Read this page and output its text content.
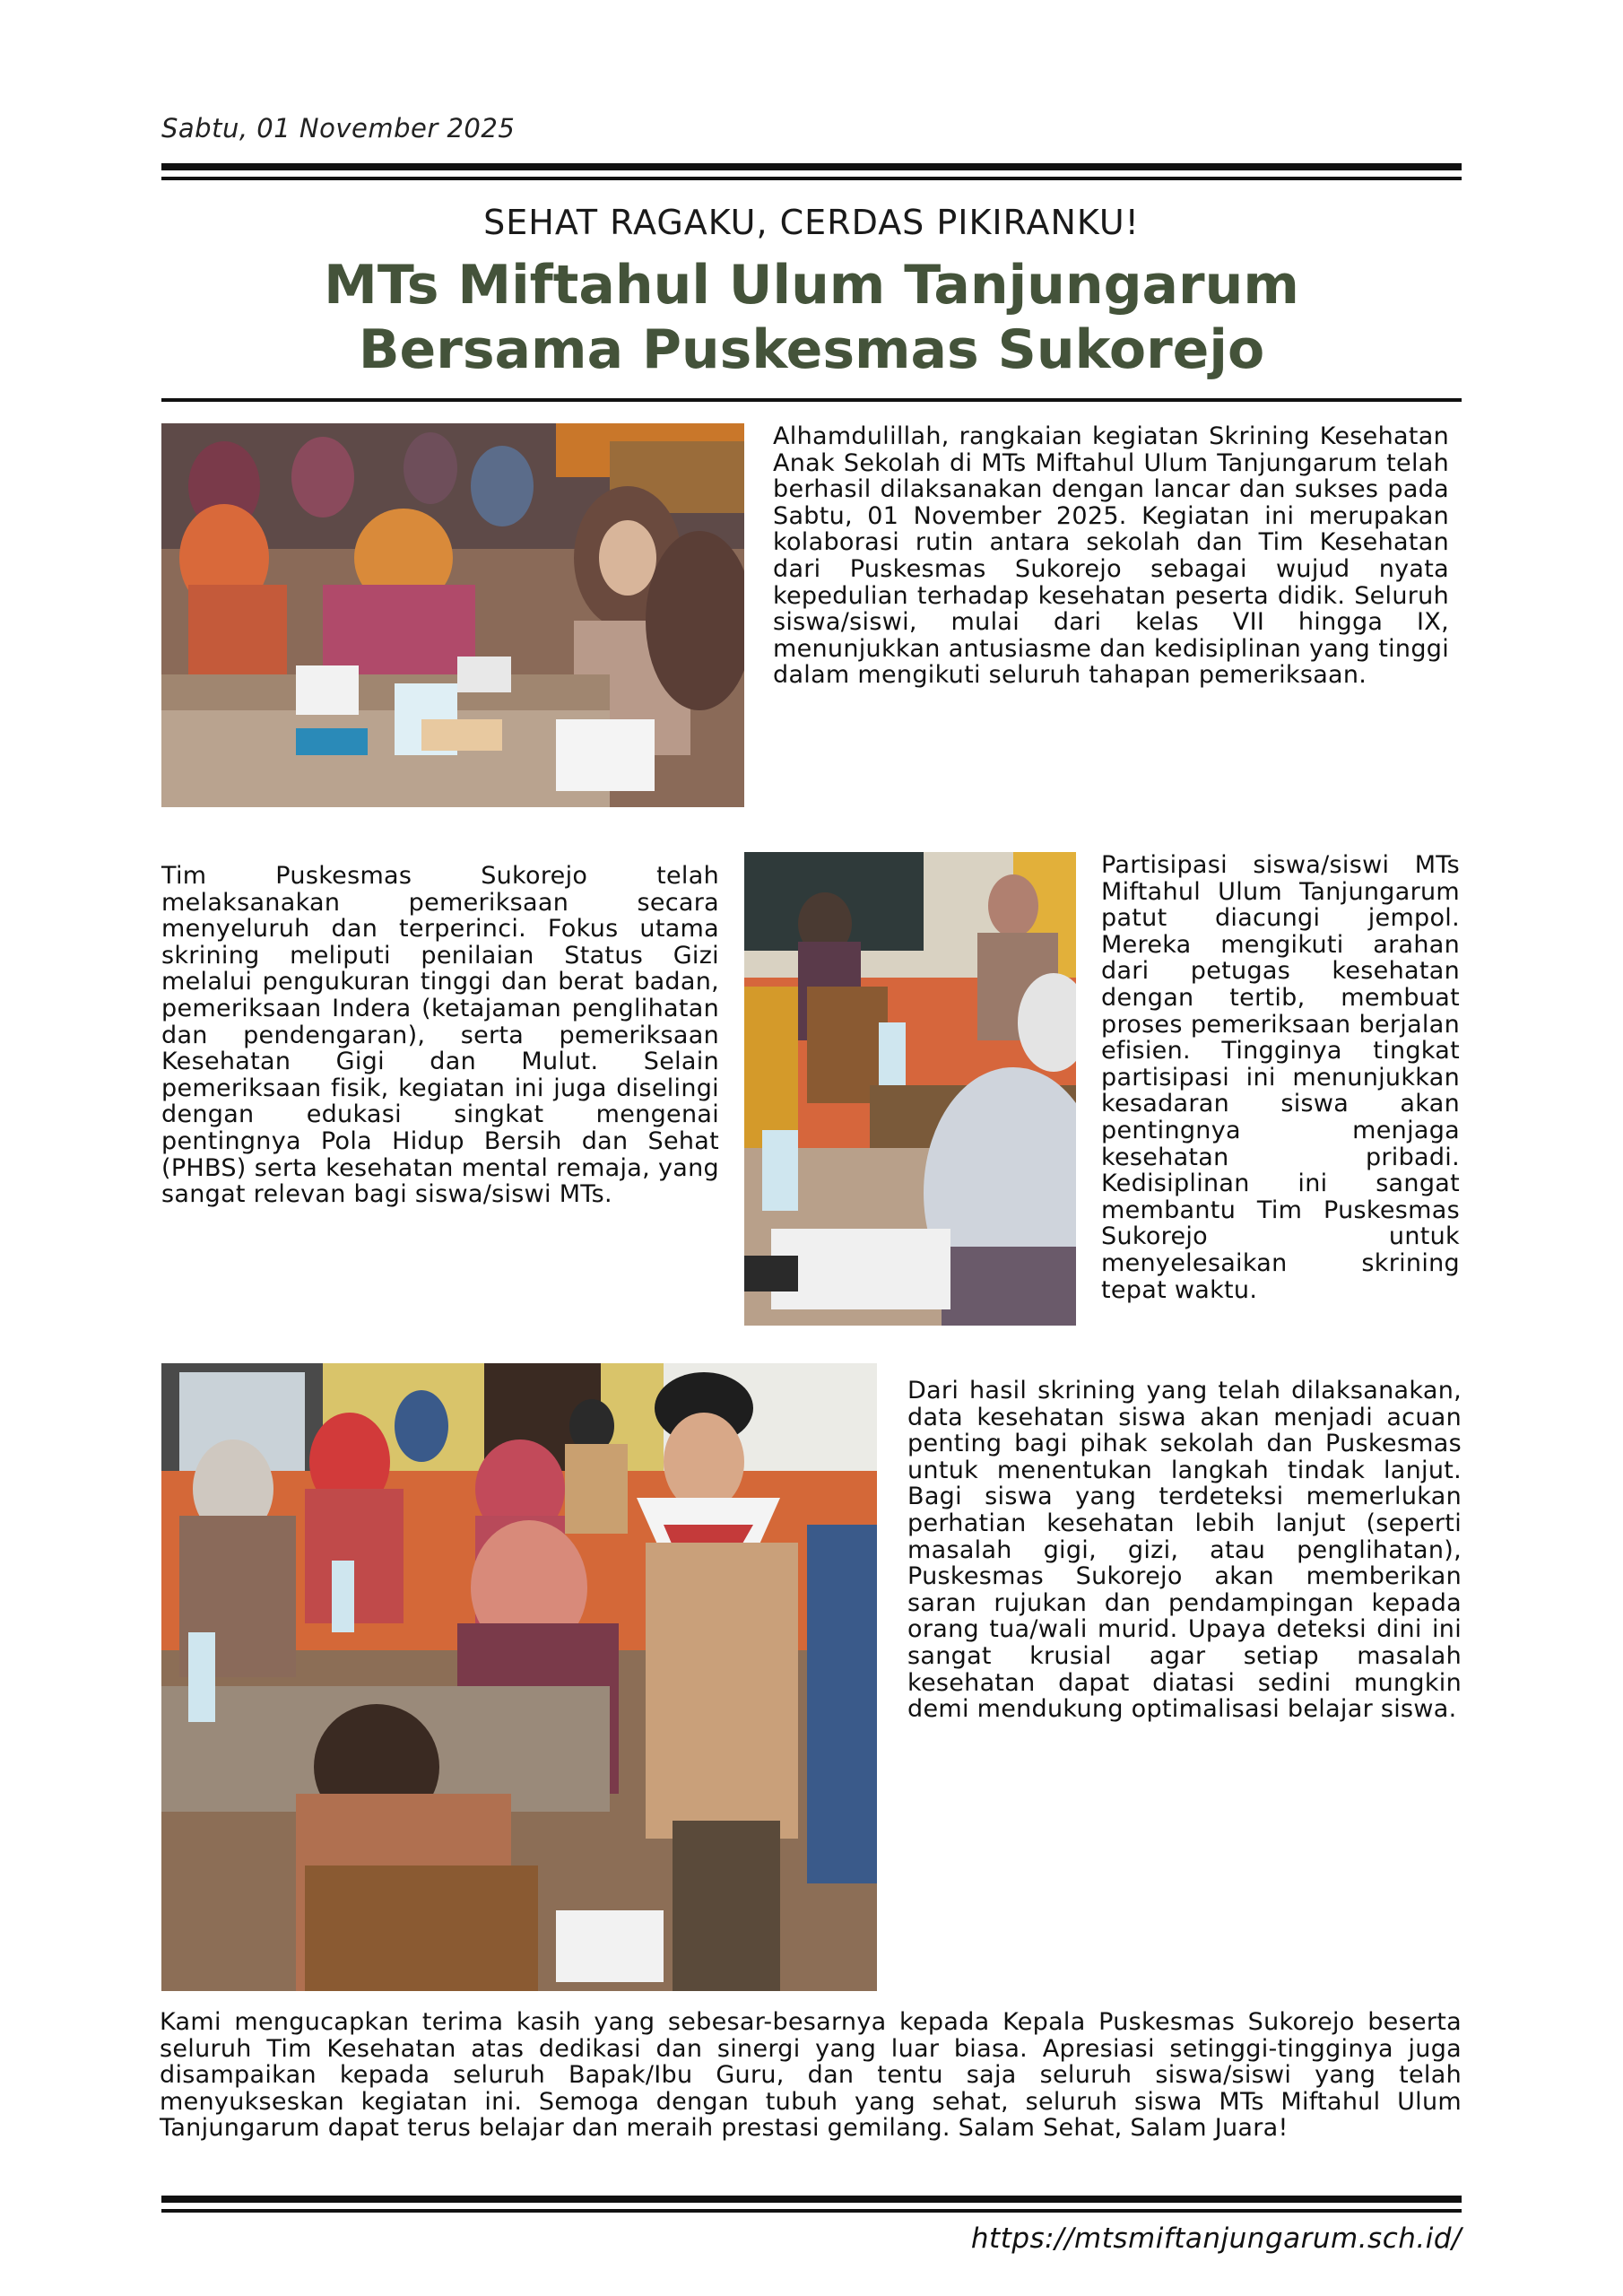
Sabtu, 01 November 2025
SEHAT RAGAKU, CERDAS PIKIRANKU!
MTs Miftahul Ulum Tanjungarum
Bersama Puskesmas Sukorejo

Alhamdulillah, rangkaian kegiatan Skrining Kesehatan Anak Sekolah di MTs Miftahul Ulum Tanjungarum telah berhasil dilaksanakan dengan lancar dan sukses pada Sabtu, 01 November 2025. Kegiatan ini merupakan kolaborasi rutin antara sekolah dan Tim Kesehatan dari Puskesmas Sukorejo sebagai wujud nyata kepedulian terhadap kesehatan peserta didik. Seluruh siswa/siswi, mulai dari kelas VII hingga IX, menunjukkan antusiasme dan kedisiplinan yang tinggi dalam mengikuti seluruh tahapan pemeriksaan.

Tim Puskesmas Sukorejo telah melaksanakan pemeriksaan secara menyeluruh dan terperinci. Fokus utama skrining meliputi penilaian Status Gizi melalui pengukuran tinggi dan berat badan, pemeriksaan Indera (ketajaman penglihatan dan pendengaran), serta pemeriksaan Kesehatan Gigi dan Mulut. Selain pemeriksaan fisik, kegiatan ini juga diselingi dengan edukasi singkat mengenai pentingnya Pola Hidup Bersih dan Sehat (PHBS) serta kesehatan mental remaja, yang sangat relevan bagi siswa/siswi MTs.

Partisipasi siswa/siswi MTs Miftahul Ulum Tanjungarum patut diacungi jempol. Mereka mengikuti arahan dari petugas kesehatan dengan tertib, membuat proses pemeriksaan berjalan efisien. Tingginya tingkat partisipasi ini menunjukkan kesadaran siswa akan pentingnya menjaga kesehatan pribadi. Kedisiplinan ini sangat membantu Tim Puskesmas Sukorejo untuk menyelesaikan skrining tepat waktu.

Dari hasil skrining yang telah dilaksanakan, data kesehatan siswa akan menjadi acuan penting bagi pihak sekolah dan Puskesmas untuk menentukan langkah tindak lanjut. Bagi siswa yang terdeteksi memerlukan perhatian kesehatan lebih lanjut (seperti masalah gigi, gizi, atau penglihatan), Puskesmas Sukorejo akan memberikan saran rujukan dan pendampingan kepada orang tua/wali murid. Upaya deteksi dini ini sangat krusial agar setiap masalah kesehatan dapat diatasi sedini mungkin demi mendukung optimalisasi belajar siswa.

Kami mengucapkan terima kasih yang sebesar-besarnya kepada Kepala Puskesmas Sukorejo beserta seluruh Tim Kesehatan atas dedikasi dan sinergi yang luar biasa. Apresiasi setinggi-tingginya juga disampaikan kepada seluruh Bapak/Ibu Guru, dan tentu saja seluruh siswa/siswi yang telah menyukseskan kegiatan ini. Semoga dengan tubuh yang sehat, seluruh siswa MTs Miftahul Ulum Tanjungarum dapat terus belajar dan meraih prestasi gemilang. Salam Sehat, Salam Juara!

https://mtsmiftanjungarum.sch.id/
